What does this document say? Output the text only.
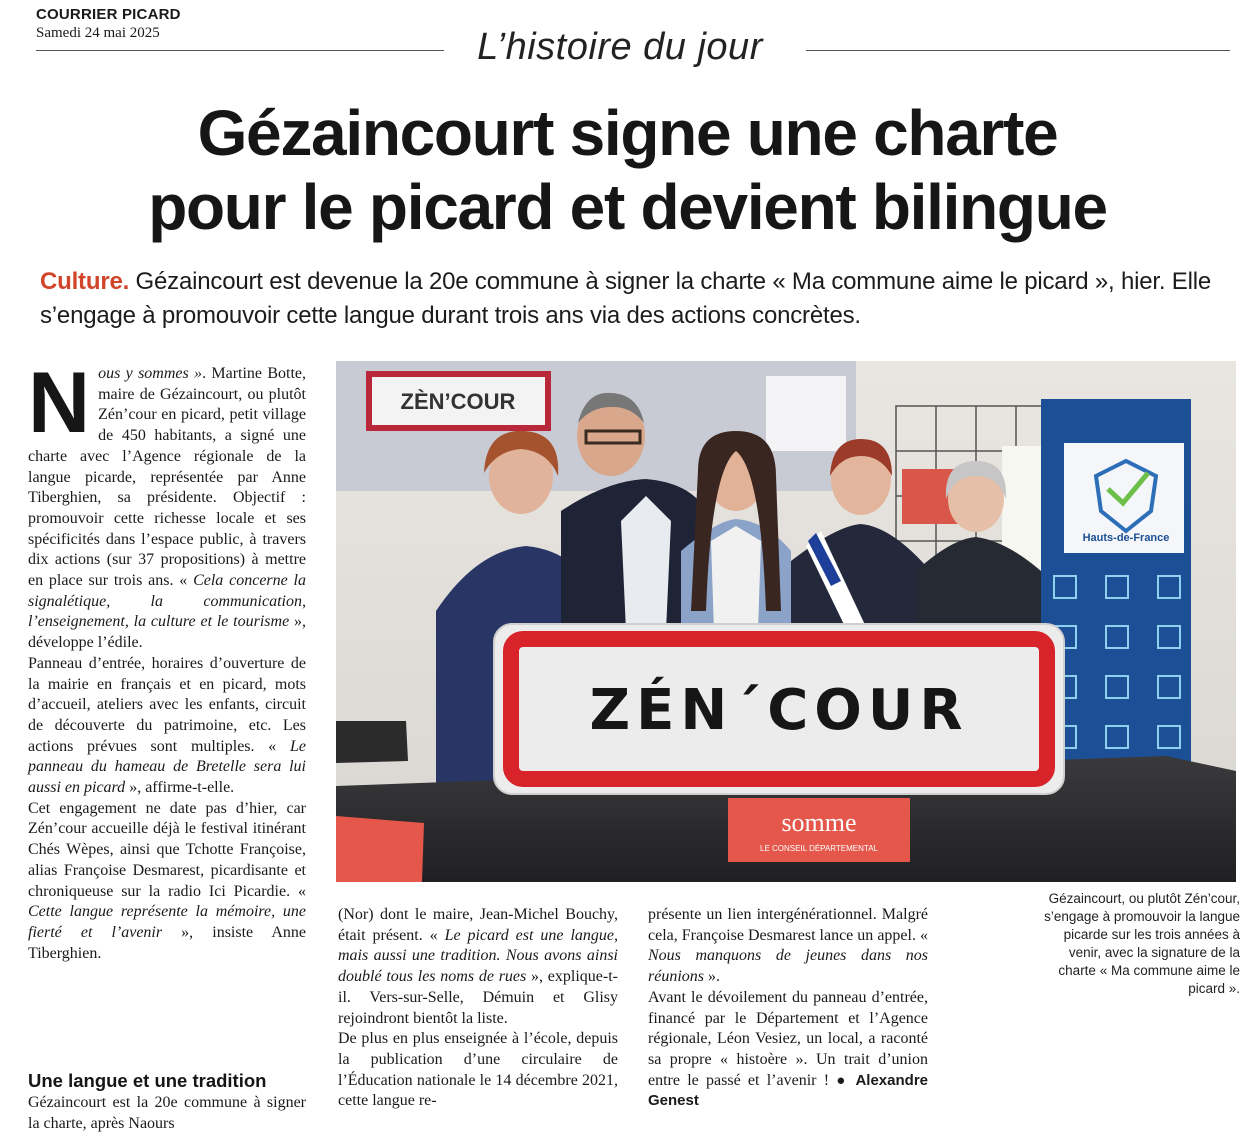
COURRIER PICARD
Samedi 24 mai 2025	L’histoire du jour
Gézaincourt signe une charte
pour le picard et devient bilingue
Culture. Gézaincourt est devenue la 20e commune à signer la charte « Ma commune aime le picard », hier. Elle s’engage à promouvoir cette langue durant trois ans via des actions concrètes.
N ous y sommes ». Martine Botte, maire de Gézaincourt, ou plutôt Zén’cour en picard, petit village de 450 habitants, a signé une charte avec l’Agence régionale de la langue picarde, représentée par Anne Tiberghien, sa présidente. Objectif : promouvoir cette richesse locale et ses spécificités dans l’espace public, à travers dix actions (sur 37 propositions) à mettre en place sur trois ans. « Cela concerne la signalétique, la communication, l’enseignement, la culture et le tourisme », développe l’édile.

Panneau d’entrée, horaires d’ouverture de la mairie en français et en picard, mots d’accueil, ateliers avec les enfants, circuit de découverte du patrimoine, etc. Les actions prévues sont multiples. « Le panneau du hameau de Bretelle sera lui aussi en picard », affirme-t-elle.

Cet engagement ne date pas d’hier, car Zén’cour accueille déjà le festival itinérant Chés Wèpes, ainsi que Tchotte Françoise, alias Françoise Desmarest, picardisante et chroniqueuse sur la radio Ici Picardie. « Cette langue représente la mémoire, une fierté et l’avenir », insiste Anne Tiberghien.

Une langue et une tradition

Gézaincourt est la 20e commune à signer la charte, après Naours

(Nor) dont le maire, Jean-Michel Bouchy, était présent. « Le picard est une langue, mais aussi une tradition. Nous avons ainsi doublé tous les noms de rues », explique-t-il. Vers-sur-Selle, Démuin et Glisy rejoindront bientôt la liste.

De plus en plus enseignée à l’école, depuis la publication d’une circulaire de l’Éducation nationale le 14 décembre 2021, cette langue re-

présente un lien intergénérationnel. Malgré cela, Françoise Desmarest lance un appel. « Nous manquons de jeunes dans nos réunions ».

Avant le dévoilement du panneau d’entrée, financé par le Département et l’Agence régionale, Léon Vesiez, un local, a raconté sa propre « histoère ». Un trait d’union entre le passé et l’avenir ! ● Alexandre Genest

Gézaincourt, ou plutôt Zén’cour, s’engage à promouvoir la langue picarde sur les trois années à venir, avec la signature de la charte « Ma commune aime le picard ».
ZÈN’COUR
Hauts-de-France
ZÉN´COUR
somme
LE CONSEIL DÉPARTEMENTAL
